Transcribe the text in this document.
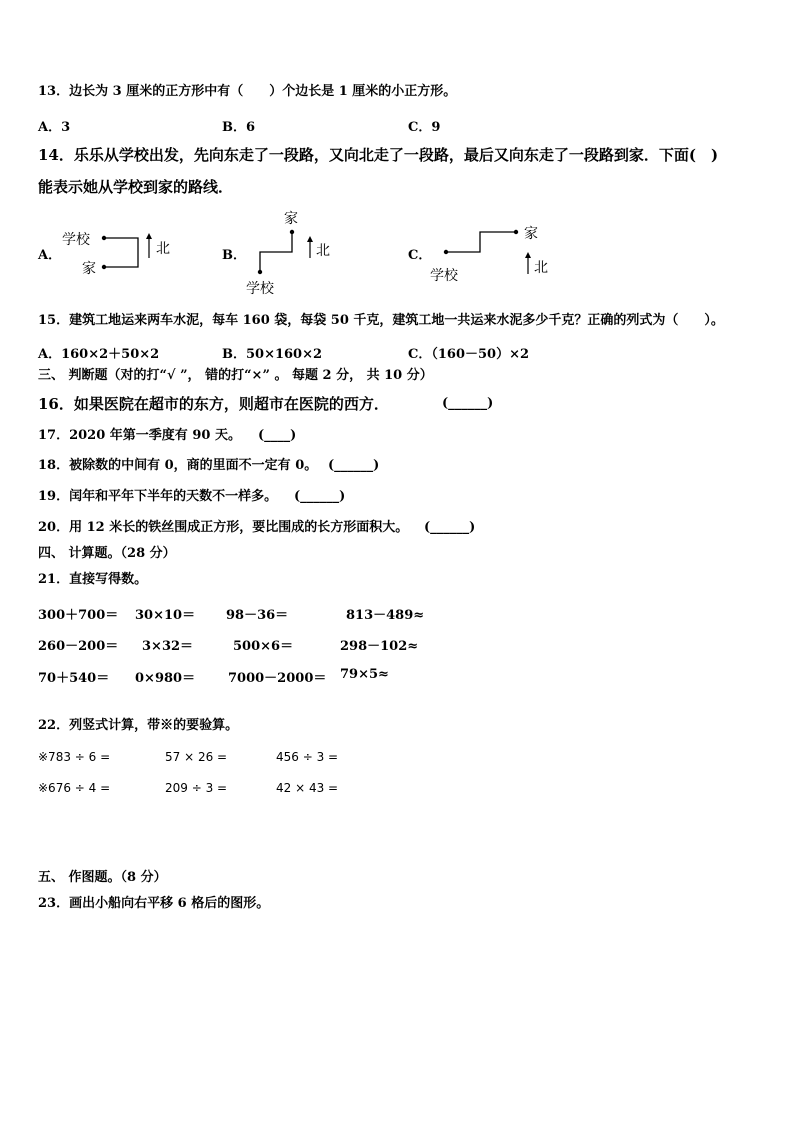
13．边长为 3 厘米的正方形中有（　　）个边长是 1 厘米的小正方形。
A．3	B．6	C．9
14．乐乐从学校出发，先向东走了一段路，又向北走了一段路，最后又向东走了一段路到家．下面(　)
能表示她从学校到家的路线．
A．
学校
家
北	B．
家
学校
北	C．
家
学校	北
15．建筑工地运来两车水泥，每车 160 袋，每袋 50 千克，建筑工地一共运来水泥多少千克？正确的列式为（　　）。
A．160×2＋50×2	B．50×160×2	C．（160－50）×2
三、 判断题（对的打“√ ”， 错的打“×” 。 每题 2 分， 共 10 分）
16．如果医院在超市的东方，则超市在医院的西方．	(______)
17．2020 年第一季度有 90 天。 (____)
18．被除数的中间有 0，商的里面不一定有 0。 (______)
19．闰年和平年下半年的天数不一样多。 (______)
20．用 12 米长的铁丝围成正方形，要比围成的长方形面积大。 (______)
四、 计算题。（28 分）
21．直接写得数。
300＋700＝ 30×10＝ 98－36＝	813－489≈
260－200＝ 3×32＝	500×6＝	298－102≈
70＋540＝ 0×980＝	7000－2000＝ 79×5≈
22．列竖式计算，带※的要验算。
※783 ÷ 6 =	57 × 26 =	456 ÷ 3 =
※676 ÷ 4 =	209 ÷ 3 =	42 × 43 =
五、 作图题。（8 分）
23．画出小船向右平移 6 格后的图形。
